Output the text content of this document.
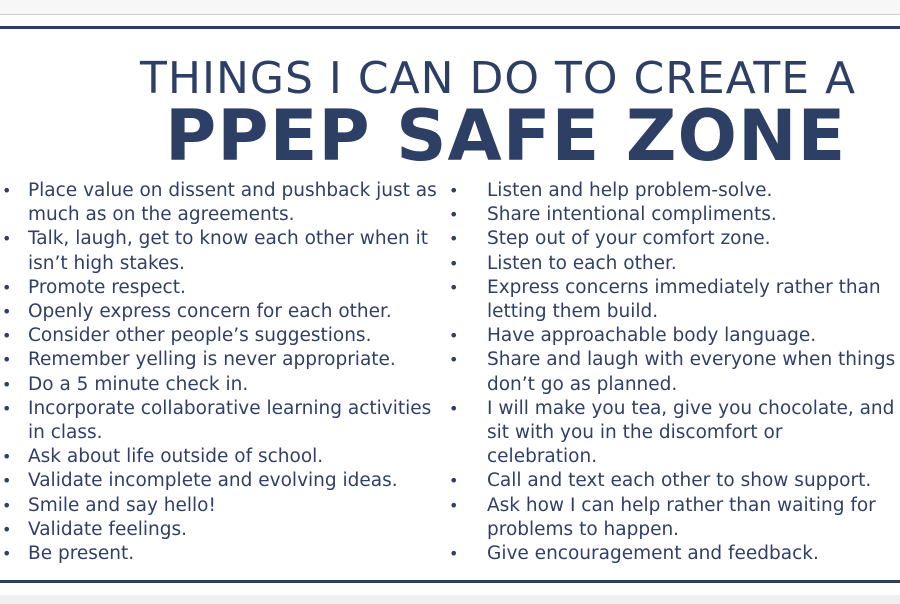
THINGS I CAN DO TO CREATE A
PPEP SAFE ZONE
• Place value on dissent and pushback just as much as on the agreements.
• Talk, laugh, get to know each other when it isn’t high stakes.
• Promote respect.
• Openly express concern for each other.
• Consider other people’s suggestions.
• Remember yelling is never appropriate.
• Do a 5 minute check in.
• Incorporate collaborative learning activities in class.
• Ask about life outside of school.
• Validate incomplete and evolving ideas.
• Smile and say hello!
• Validate feelings.
• Be present.
• Listen and help problem-solve.
• Share intentional compliments.
• Step out of your comfort zone.
• Listen to each other.
• Express concerns immediately rather than letting them build.
• Have approachable body language.
• Share and laugh with everyone when things don’t go as planned.
• I will make you tea, give you chocolate, and sit with you in the discomfort or celebration.
• Call and text each other to show support.
• Ask how I can help rather than waiting for problems to happen.
• Give encouragement and feedback.
